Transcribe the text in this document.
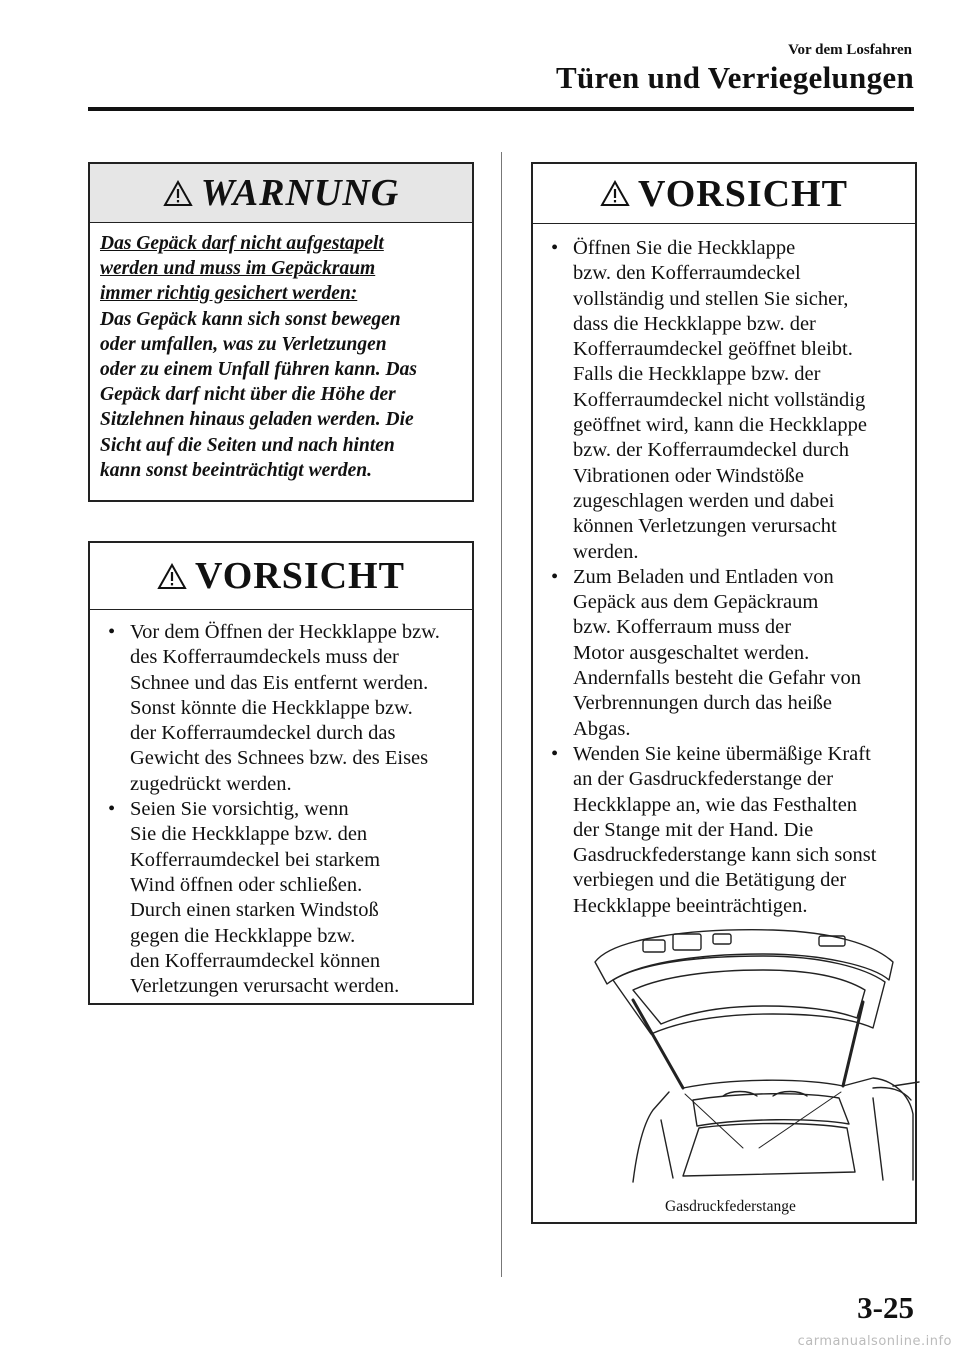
Vor dem Losfahren
Türen und Verriegelungen
WARNUNG
Das Gepäck darf nicht aufgestapelt
werden und muss im Gepäckraum
immer richtig gesichert werden:
Das Gepäck kann sich sonst bewegen
oder umfallen, was zu Verletzungen
oder zu einem Unfall führen kann. Das
Gepäck darf nicht über die Höhe der
Sitzlehnen hinaus geladen werden. Die
Sicht auf die Seiten und nach hinten
kann sonst beeinträchtigt werden.
VORSICHT
• Vor dem Öffnen der Heckklappe bzw.
des Kofferraumdeckels muss der
Schnee und das Eis entfernt werden.
Sonst könnte die Heckklappe bzw.
der Kofferraumdeckel durch das
Gewicht des Schnees bzw. des Eises
zugedrückt werden.
• Seien Sie vorsichtig, wenn
Sie die Heckklappe bzw. den
Kofferraumdeckel bei starkem
Wind öffnen oder schließen.
Durch einen starken Windstoß
gegen die Heckklappe bzw.
den Kofferraumdeckel können
Verletzungen verursacht werden.
VORSICHT
• Öffnen Sie die Heckklappe
bzw. den Kofferraumdeckel
vollständig und stellen Sie sicher,
dass die Heckklappe bzw. der
Kofferraumdeckel geöffnet bleibt.
Falls die Heckklappe bzw. der
Kofferraumdeckel nicht vollständig
geöffnet wird, kann die Heckklappe
bzw. der Kofferraumdeckel durch
Vibrationen oder Windstöße
zugeschlagen werden und dabei
können Verletzungen verursacht
werden.
• Zum Beladen und Entladen von
Gepäck aus dem Gepäckraum
bzw. Kofferraum muss der
Motor ausgeschaltet werden.
Andernfalls besteht die Gefahr von
Verbrennungen durch das heiße
Abgas.
• Wenden Sie keine übermäßige Kraft
an der Gasdruckfederstange der
Heckklappe an, wie das Festhalten
der Stange mit der Hand. Die
Gasdruckfederstange kann sich sonst
verbiegen und die Betätigung der
Heckklappe beeinträchtigen.
Gasdruckfederstange
3-25
carmanualsonline.info
